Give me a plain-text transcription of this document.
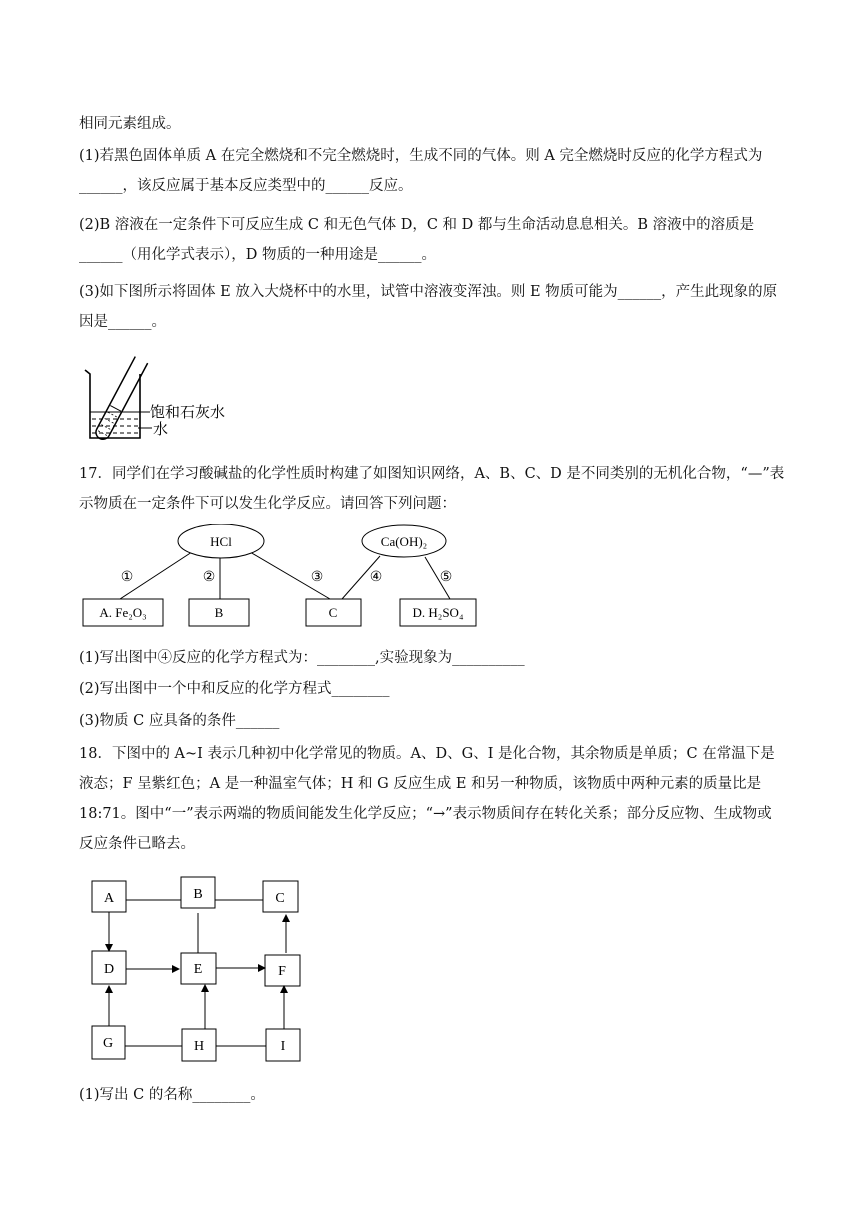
相同元素组成。

(1)若黑色固体单质 A 在完全燃烧和不完全燃烧时，生成不同的气体。则 A 完全燃烧时反应的化学方程式为______，该反应属于基本反应类型中的______反应。

(2)B 溶液在一定条件下可反应生成 C 和无色气体 D，C 和 D 都与生命活动息息相关。B 溶液中的溶质是______（用化学式表示），D 物质的一种用途是______。

(3)如下图所示将固体 E 放入大烧杯中的水里，试管中溶液变浑浊。则 E 物质可能为______，产生此现象的原因是______。

饱和石灰水
水

17．同学们在学习酸碱盐的化学性质时构建了如图知识网络，A、B、C、D 是不同类别的无机化合物，“—”表示物质在一定条件下可以发生化学反应。请回答下列问题：

HCl	Ca(OH)₂
A. Fe₂O₃	B	C	D. H₂SO₄
①	②	③	④	⑤
(1)写出图中④反应的化学方程式为：________,实验现象为__________
(2)写出图中一个中和反应的化学方程式________
(3)物质 C 应具备的条件______

18．下图中的 A~I 表示几种初中化学常见的物质。A、D、G、I 是化合物，其余物质是单质；C 在常温下是液态；F 呈紫红色；A 是一种温室气体；H 和 G 反应生成 E 和另一种物质，该物质中两种元素的质量比是 18:71。图中“一”表示两端的物质间能发生化学反应；“→”表示物质间存在转化关系；部分反应物、生成物或反应条件已略去。

A	B	C
D	E	F
G	H	I
(1)写出 C 的名称________。
